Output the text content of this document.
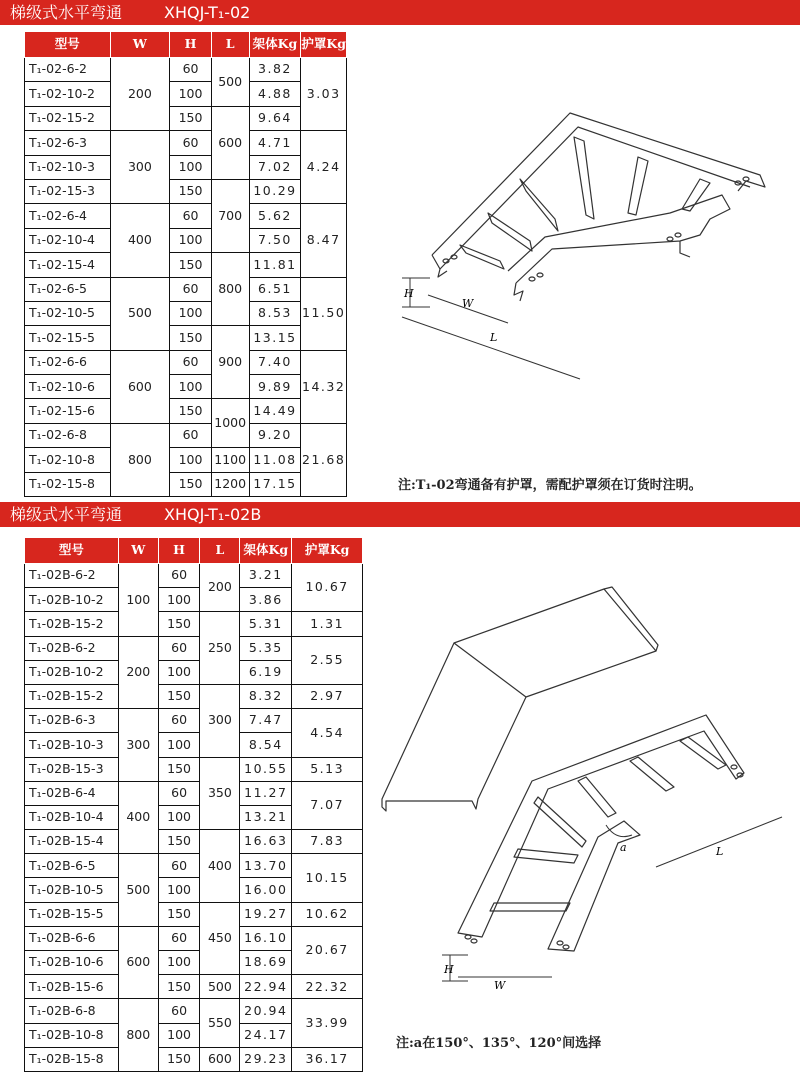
梯级式水平弯通	XHQJ-T₁-02
型号	W	H	L	架体Kg	护罩Kg
T₁-02-6-2	200	60	500	3.82	3.03
T₁-02-10-2		100		4.88	
T₁-02-15-2		150	600	9.64	
T₁-02-6-3	300	60		4.71	4.24
T₁-02-10-3		100		7.02	
T₁-02-15-3		150	700	10.29	
T₁-02-6-4	400	60		5.62	8.47
T₁-02-10-4		100		7.50	
T₁-02-15-4		150	800	11.81	
T₁-02-6-5	500	60		6.51	11.50
T₁-02-10-5		100		8.53	
T₁-02-15-5		150	900	13.15	
T₁-02-6-6	600	60		7.40	14.32
T₁-02-10-6		100		9.89	
T₁-02-15-6		150	1000	14.49	
T₁-02-6-8	800	60		9.20	21.68
T₁-02-10-8		100	1100	11.08	
T₁-02-15-8		150	1200	17.15	
H
W
L
注:T₁-02弯通备有护罩，需配护罩须在订货时注明。
梯级式水平弯通	XHQJ-T₁-02B
型号	W	H	L	架体Kg	护罩Kg
T₁-02B-6-2	100	60	200	3.21	10.67
T₁-02B-10-2		100		3.86	
T₁-02B-15-2		150	250	5.31	1.31
T₁-02B-6-2	200	60		5.35	2.55
T₁-02B-10-2		100		6.19	
T₁-02B-15-2		150	300	8.32	2.97
T₁-02B-6-3	300	60		7.47	4.54
T₁-02B-10-3		100		8.54	
T₁-02B-15-3		150	350	10.55	5.13
T₁-02B-6-4	400	60		11.27	7.07
T₁-02B-10-4		100		13.21	
T₁-02B-15-4		150	400	16.63	7.83
T₁-02B-6-5	500	60		13.70	10.15
T₁-02B-10-5		100		16.00	
T₁-02B-15-5		150	450	19.27	10.62
T₁-02B-6-6	600	60		16.10	20.67
T₁-02B-10-6		100		18.69	
T₁-02B-15-6		150	500	22.94	22.32
T₁-02B-6-8	800	60	550	20.94	33.99
T₁-02B-10-8		100		24.17	
T₁-02B-15-8		150	600	29.23	36.17
H
W
L
a
注:a在150°、135°、120°间选择
